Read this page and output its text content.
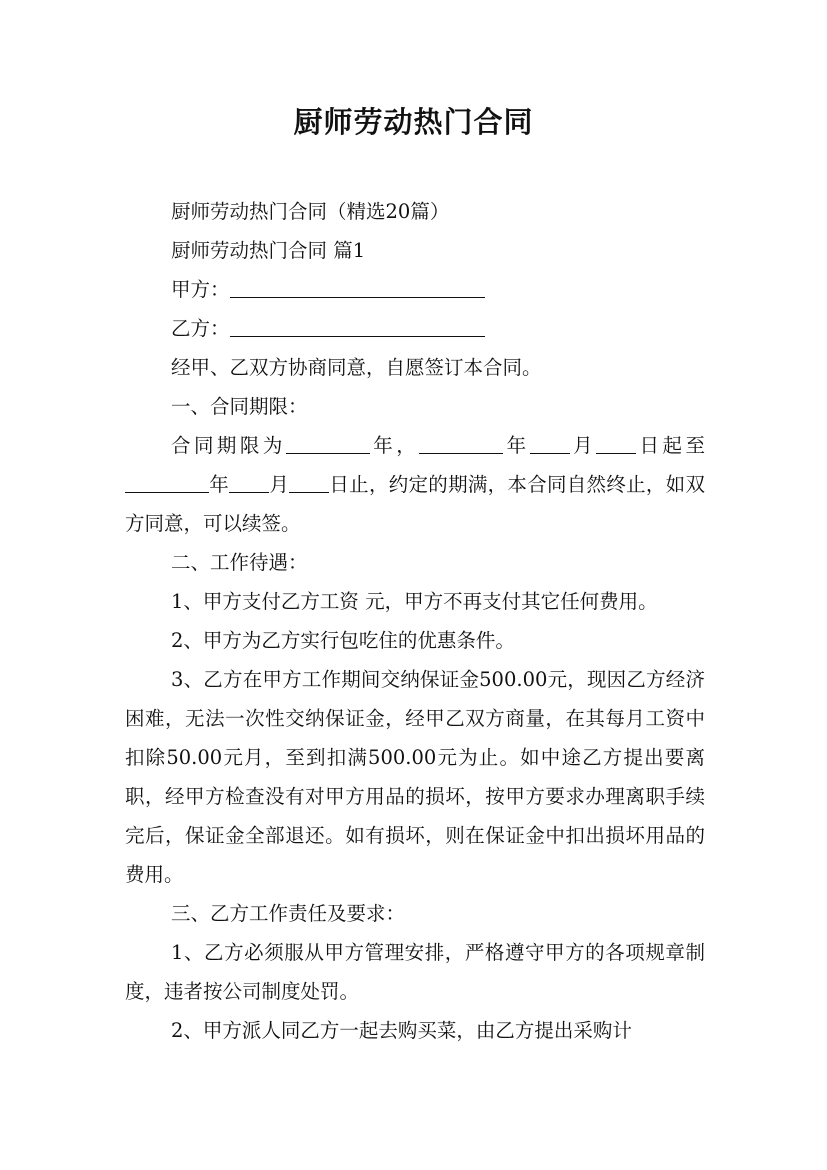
厨师劳动热门合同

厨师劳动热门合同（精选20篇）

厨师劳动热门合同 篇1

甲方：

乙方：

经甲、乙双方协商同意，自愿签订本合同。

一、合同期限：

合同期限为	年，	年 月 日起至年 月 日止，约定的期满，本合同自然终止，如双方同意，可以续签。

二、工作待遇：

1、甲方支付乙方工资 元，甲方不再支付其它任何费用。

2、甲方为乙方实行包吃住的优惠条件。

3、乙方在甲方工作期间交纳保证金500.00元，现因乙方经济困难，无法一次性交纳保证金，经甲乙双方商量，在其每月工资中扣除50.00元月，至到扣满500.00元为止。如中途乙方提出要离职，经甲方检查没有对甲方用品的损坏，按甲方要求办理离职手续完后，保证金全部退还。如有损坏，则在保证金中扣出损坏用品的费用。

三、乙方工作责任及要求：

1、乙方必须服从甲方管理安排，严格遵守甲方的各项规章制度，违者按公司制度处罚。

2、甲方派人同乙方一起去购买菜，由乙方提出采购计
